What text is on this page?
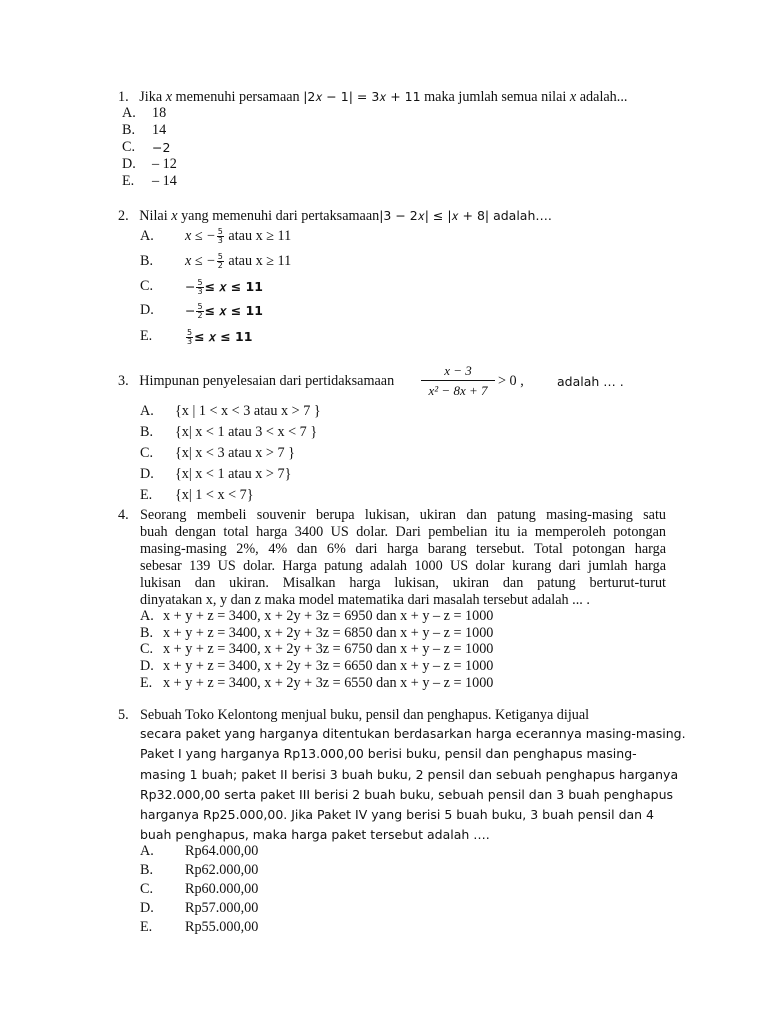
1. Jika x memenuhi persamaan |2𝑥 − 1| = 3𝑥 + 11 maka jumlah semua nilai x adalah...
A. 18
B. 14
C. −2
D. – 12
E. – 14
2. Nilai x yang memenuhi dari pertaksamaan|3 − 2𝑥| ≤ |𝑥 + 8| adalah….
A. x ≤ − $\frac{5}{3}$ atau x ≥ 11
B. x ≤ − $\frac{5}{2}$ atau x ≥ 11
C.	− $\frac{5}{3}$ ≤ 𝑥 ≤ 11
D. − $\frac{5}{2}$ ≤ 𝑥 ≤ 11
E.	$\frac{5}{3}$ ≤ 𝑥 ≤ 11
3. Himpunan penyelesaian dari pertidaksamaan $\frac{x - 3}{\text{x² − 8x + 7}} > 0$ ,	adalah … .
A. {x | 1 < x < 3 atau x > 7 }
B. {x| x < 1 atau 3 < x < 7 }
C. {x| x < 3 atau x > 7 }
D. {x| x < 1 atau x > 7}
E. {x| 1 < x < 7}
4. Seorang membeli souvenir berupa lukisan, ukiran dan patung masing-masing satu
buah dengan total harga 3400 US dolar. Dari pembelian itu ia memperoleh potongan
masing-masing 2%, 4% dan 6% dari harga barang tersebut. Total potongan harga
sebesar 139 US dolar. Harga patung adalah 1000 US dolar kurang dari jumlah harga
lukisan dan ukiran. Misalkan harga lukisan, ukiran dan patung berturut-turut
dinyatakan x, y dan z maka model matematika dari masalah tersebut adalah ... .
A. x + y + z = 3400, x + 2y + 3z = 6950 dan x + y – z = 1000
B. x + y + z = 3400, x + 2y + 3z = 6850 dan x + y – z = 1000
C. x + y + z = 3400, x + 2y + 3z = 6750 dan x + y – z = 1000
D. x + y + z = 3400, x + 2y + 3z = 6650 dan x + y – z = 1000
E. x + y + z = 3400, x + 2y + 3z = 6550 dan x + y – z = 1000
5. Sebuah Toko Kelontong menjual buku, pensil dan penghapus. Ketiganya dijual
secara paket yang harganya ditentukan berdasarkan harga ecerannya masing-masing.
Paket I yang harganya Rp13.000,00 berisi buku, pensil dan penghapus masing-
masing 1 buah; paket II berisi 3 buah buku, 2 pensil dan sebuah penghapus harganya
Rp32.000,00 serta paket III berisi 2 buah buku, sebuah pensil dan 3 buah penghapus
harganya Rp25.000,00. Jika Paket IV yang berisi 5 buah buku, 3 buah pensil dan 4
buah penghapus, maka harga paket tersebut adalah ….
A. Rp64.000,00
B. Rp62.000,00
C. Rp60.000,00
D. Rp57.000,00
E. Rp55.000,00
